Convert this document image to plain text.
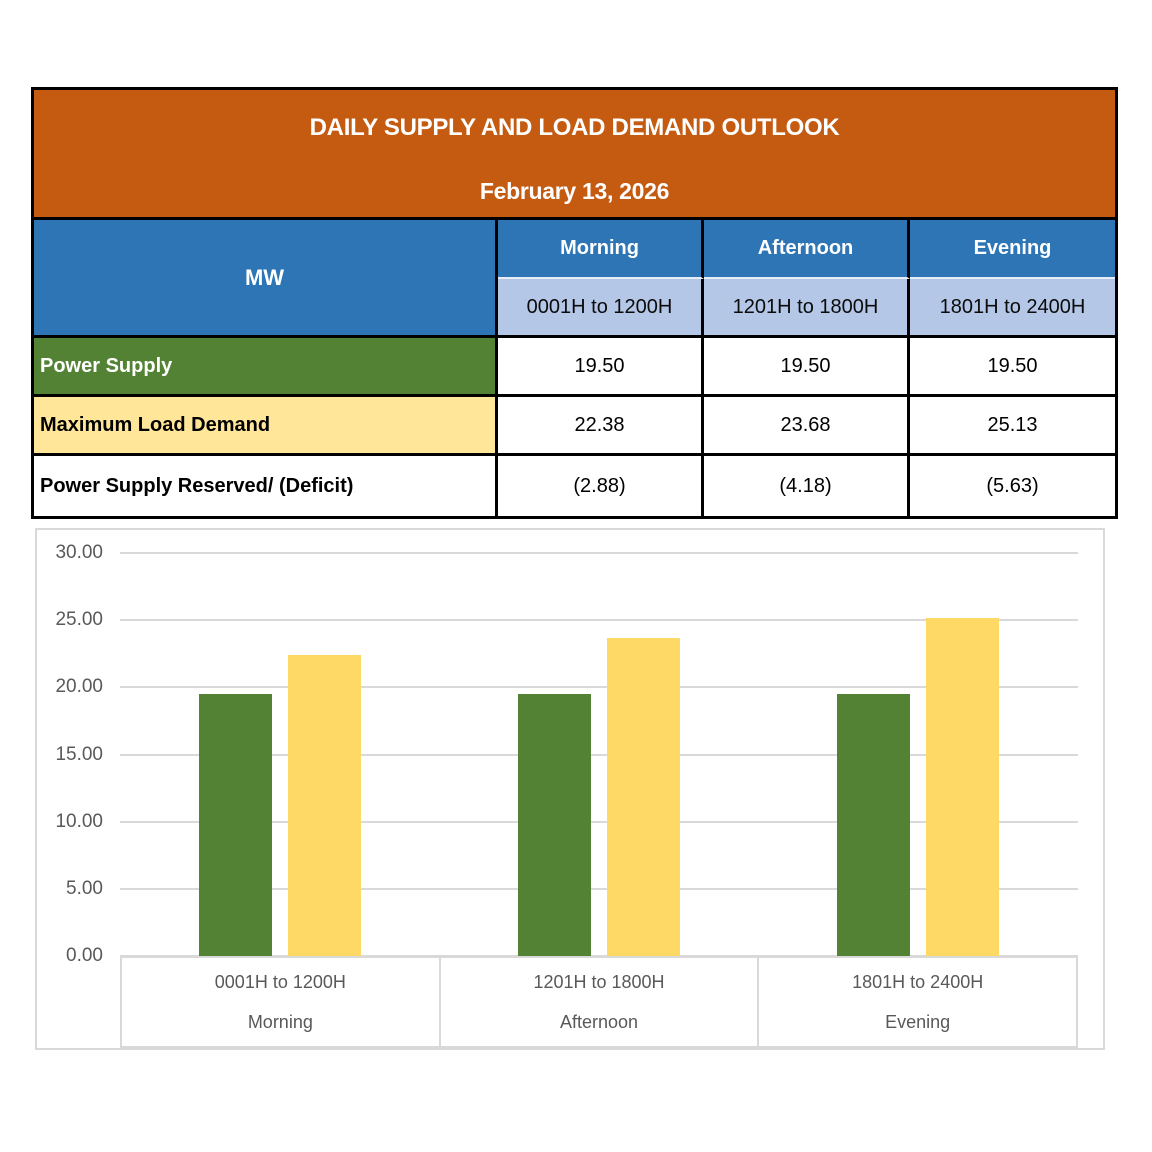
DAILY SUPPLY AND LOAD DEMAND OUTLOOK
February 13, 2026
MW
Morning	Afternoon	Evening
0001H to 1200H	1201H to 1800H	1801H to 2400H
Power Supply	19.50	19.50	19.50
Maximum Load Demand	22.38	23.68	25.13
Power Supply Reserved/ (Deficit)	(2.88)	(4.18)	(5.63)
30.00
25.00
20.00
15.00
10.00
5.00
0.00
0001H to 1200H
Morning
1201H to 1800H
Afternoon
1801H to 2400H
Evening
